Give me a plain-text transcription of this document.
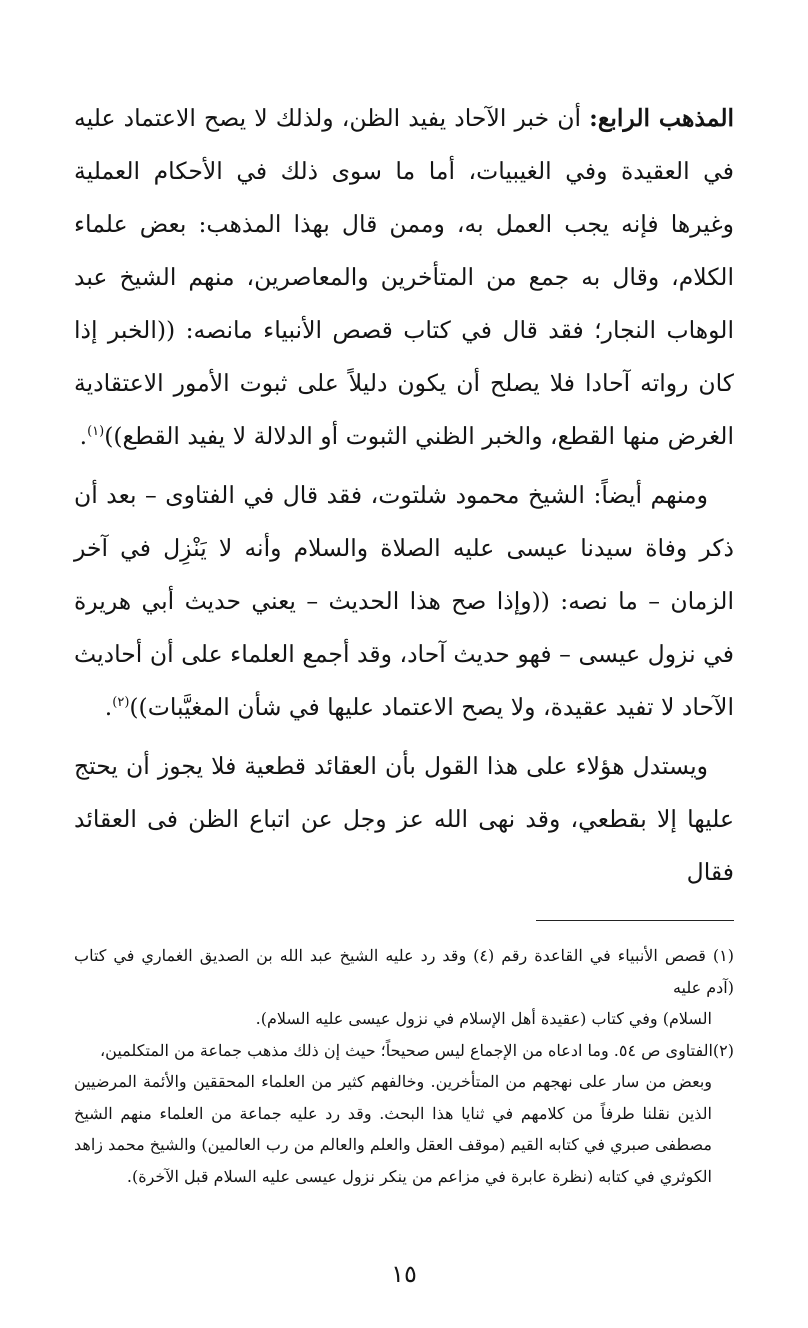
المذهب الرابع: أن خبر الآحاد يفيد الظن، ولذلك لا يصح الاعتماد عليه في العقيدة وفي الغيبيات، أما ما سوى ذلك في الأحكام العملية وغيرها فإنه يجب العمل به، وممن قال بهذا المذهب: بعض علماء الكلام، وقال به جمع من المتأخرين والمعاصرين، منهم الشيخ عبد الوهاب النجار؛ فقد قال في كتاب قصص الأنبياء مانصه: ((الخبر إذا كان رواته آحادا فلا يصلح أن يكون دليلاً على ثبوت الأمور الاعتقادية الغرض منها القطع، والخبر الظني الثبوت أو الدلالة لا يفيد القطع))$^{(١)}$.

ومنهم أيضاً: الشيخ محمود شلتوت، فقد قال في الفتاوى – بعد أن ذكر وفاة سيدنا عيسى عليه الصلاة والسلام وأنه لا يَنْزِل في آخر الزمان – ما نصه: ((وإذا صح هذا الحديث – يعني حديث أبي هريرة في نزول عيسى – فهو حديث آحاد، وقد أجمع العلماء على أن أحاديث الآحاد لا تفيد عقيدة، ولا يصح الاعتماد عليها في شأن المغيَّبات))$^{(٢)}$.

ويستدل هؤلاء على هذا القول بأن العقائد قطعية فلا يجوز أن يحتج عليها إلا بقطعي، وقد نهى الله عز وجل عن اتباع الظن فى العقائد فقال

(١) قصص الأنبياء في القاعدة رقم (٤) وقد رد عليه الشيخ عبد الله بن الصديق الغماري في كتاب (آدم عليه

السلام) وفي كتاب (عقيدة أهل الإسلام في نزول عيسى عليه السلام).

(٢)الفتاوى ص ٥٤. وما ادعاه من الإجماع ليس صحيحاً؛ حيث إن ذلك مذهب جماعة من المتكلمين،

وبعض من سار على نهجهم من المتأخرين. وخالفهم كثير من العلماء المحققين والأئمة المرضيين الذين نقلنا طرفاً من كلامهم في ثنايا هذا البحث. وقد رد عليه جماعة من العلماء منهم الشيخ مصطفى صبري في كتابه القيم (موقف العقل والعلم والعالم من رب العالمين) والشيخ محمد زاهد الكوثري في كتابه (نظرة عابرة في مزاعم من ينكر نزول عيسى عليه السلام قبل الآخرة).

١٥
